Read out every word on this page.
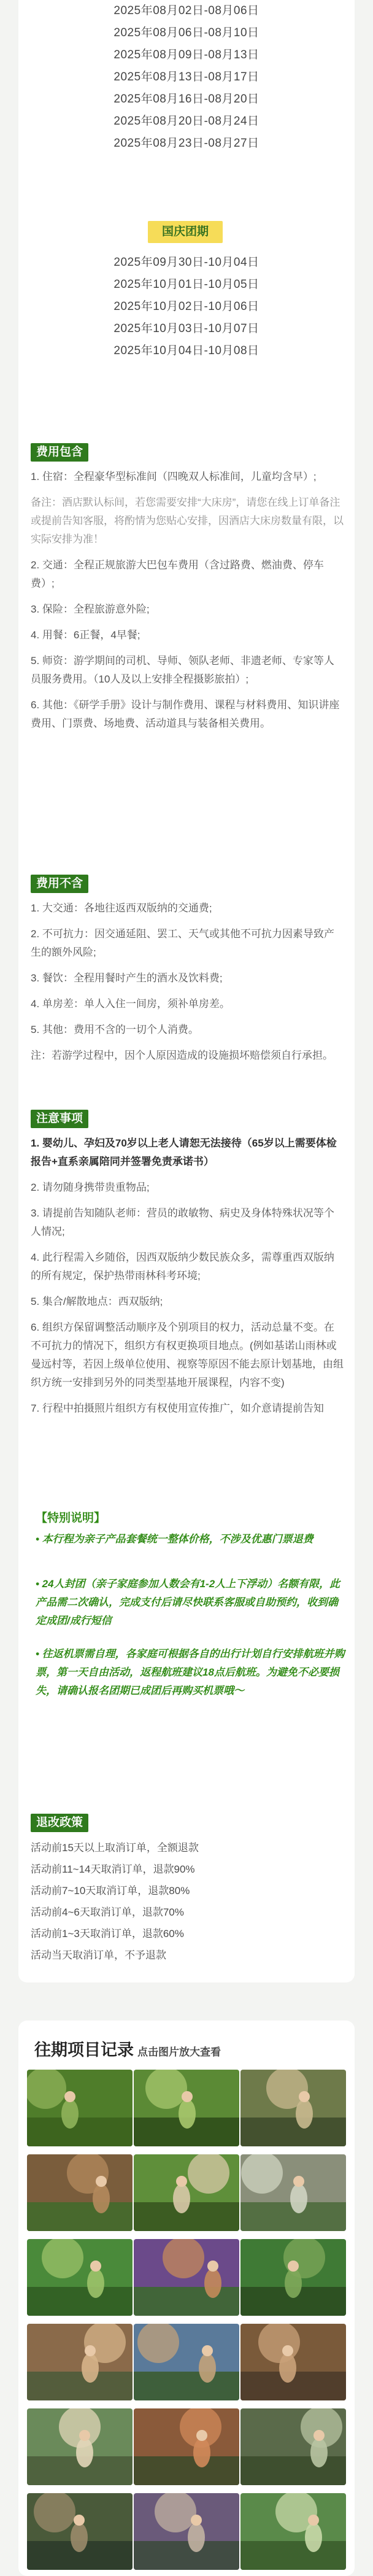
2025年08月02日-08月06日
2025年08月06日-08月10日
2025年08月09日-08月13日
2025年08月13日-08月17日
2025年08月16日-08月20日
2025年08月20日-08月24日
2025年08月23日-08月27日
国庆团期
2025年09月30日-10月04日
2025年10月01日-10月05日
2025年10月02日-10月06日
2025年10月03日-10月07日
2025年10月04日-10月08日
费用包含
1. 住宿：全程豪华型标准间（四晚双人标准间，儿童均含早）;
备注：酒店默认标间，若您需要安排“大床房”，请您在线上订单备注或提前告知客服，将酌情为您贴心安排，因酒店大床房数量有限，以实际安排为准！
2. 交通：全程正规旅游大巴包车费用（含过路费、燃油费、停车费）;
3. 保险：全程旅游意外险;
4. 用餐：6正餐，4早餐;
5. 师资：游学期间的司机、导师、领队老师、非遗老师、专家等人员服务费用。（10人及以上安排全程摄影旅拍）;
6. 其他：《研学手册》设计与制作费用、课程与材料费用、知识讲座费用、门票费、场地费、活动道具与装备相关费用。
费用不含
1. 大交通：各地往返西双版纳的交通费;
2. 不可抗力：因交通延阻、罢工、天气或其他不可抗力因素导致产生的额外风险;
3. 餐饮：全程用餐时产生的酒水及饮料费;
4. 单房差：单人入住一间房，须补单房差。
5. 其他：费用不含的一切个人消费。
注：若游学过程中，因个人原因造成的设施损坏赔偿须自行承担。
注意事项
1. 婴幼儿、孕妇及70岁以上老人请恕无法接待（65岁以上需要体检报告+直系亲属陪同并签署免责承诺书）
2. 请勿随身携带贵重物品;
3. 请提前告知随队老师：营员的敢敏物、病史及身体特殊状况等个人情况;
4. 此行程需入乡随俗，因西双版纳少数民族众多，需尊重西双版纳的所有规定，保护热带雨林科考环境;
5. 集合/解散地点：西双版纳;
6. 组织方保留调整活动顺序及个别项目的权力，活动总量不变。在不可抗力的情况下，组织方有权更换项目地点。(例如基诺山雨林或曼远村等，若因上级单位使用、视察等原因不能去原计划基地，由组织方统一安排到另外的同类型基地开展课程，内容不变)
7. 行程中拍摄照片组织方有权使用宣传推广，如介意请提前告知
【特别说明】

• 本行程为亲子产品套餐统一整体价格，不涉及优惠门票退费

• 24人封团（亲子家庭参加人数会有1-2人上下浮动）名额有限，此产品需二次确认，完成支付后请尽快联系客服或自助预约，收到确定成团/成行短信

• 往返机票需自理，各家庭可根据各自的出行计划自行安排航班并购票，第一天自由活动，返程航班建议18点后航班。为避免不必要损失，请确认报名团期已成团后再购买机票哦～

退改政策
活动前15天以上取消订单，全额退款
活动前11~14天取消订单，退款90%
活动前7~10天取消订单，退款80%
活动前4~6天取消订单，退款70%
活动前1~3天取消订单，退款60%
活动当天取消订单，不予退款
往期项目记录 点击图片放大查看
